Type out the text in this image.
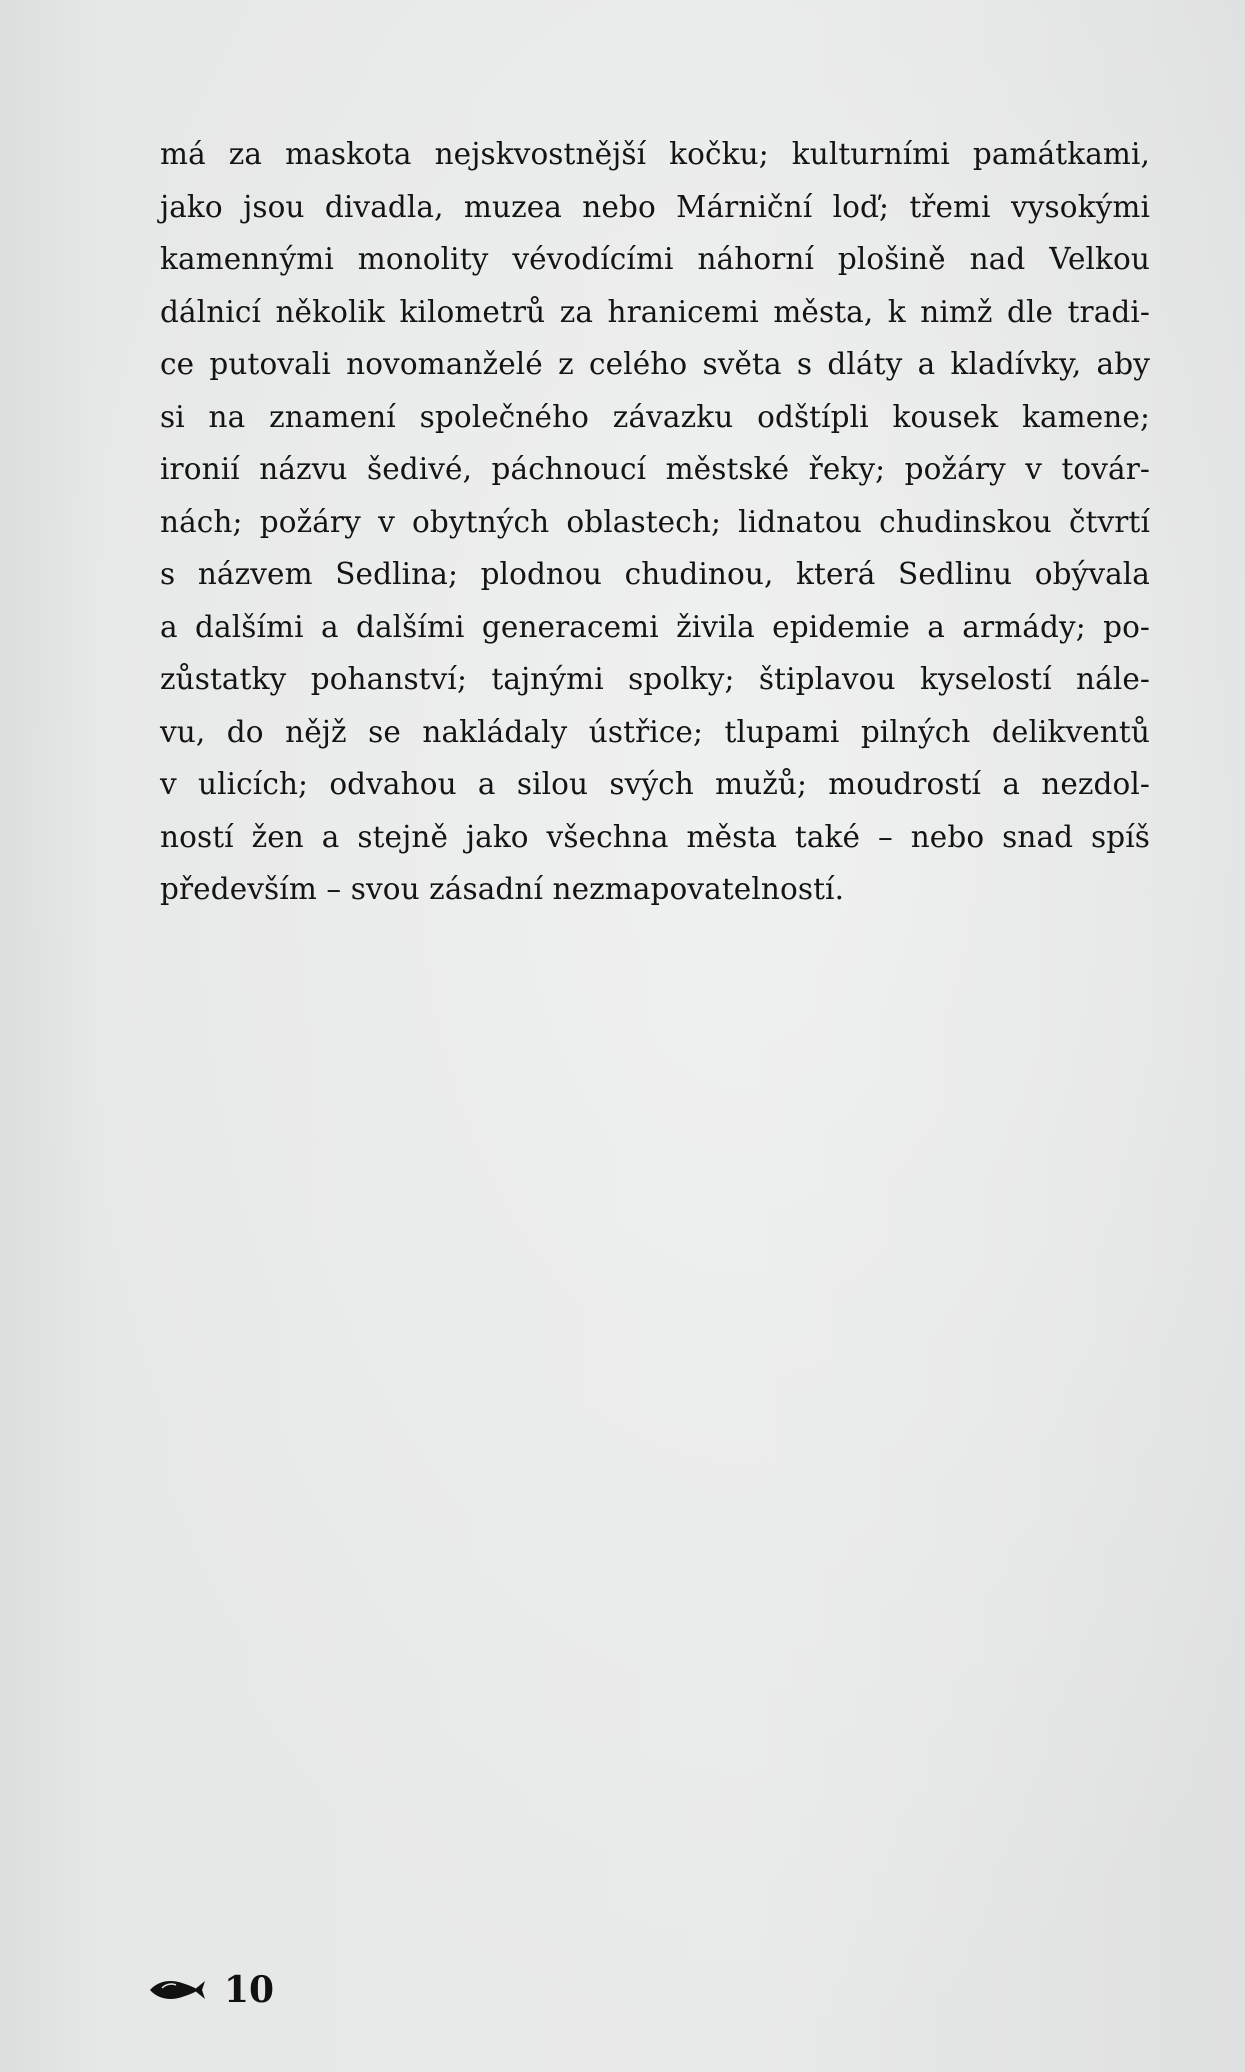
má za maskota nejskvostnější kočku; kulturními památkami,
jako jsou divadla, muzea nebo Márniční loď; třemi vysokými
kamennými monolity vévodícími náhorní plošině nad Velkou
dálnicí několik kilometrů za hranicemi města, k nimž dle tradi-
ce putovali novomanželé z celého světa s dláty a kladívky, aby
si na znamení společného závazku odštípli kousek kamene;
ironií názvu šedivé, páchnoucí městské řeky; požáry v továr-
nách; požáry v obytných oblastech; lidnatou chudinskou čtvrtí
s názvem Sedlina; plodnou chudinou, která Sedlinu obývala
a dalšími a dalšími generacemi živila epidemie a armády; po-
zůstatky pohanství; tajnými spolky; štiplavou kyselostí nále-
vu, do nějž se nakládaly ústřice; tlupami pilných delikventů
v ulicích; odvahou a silou svých mužů; moudrostí a nezdol-
ností žen a stejně jako všechna města také – nebo snad spíš
především – svou zásadní nezmapovatelností.
10
